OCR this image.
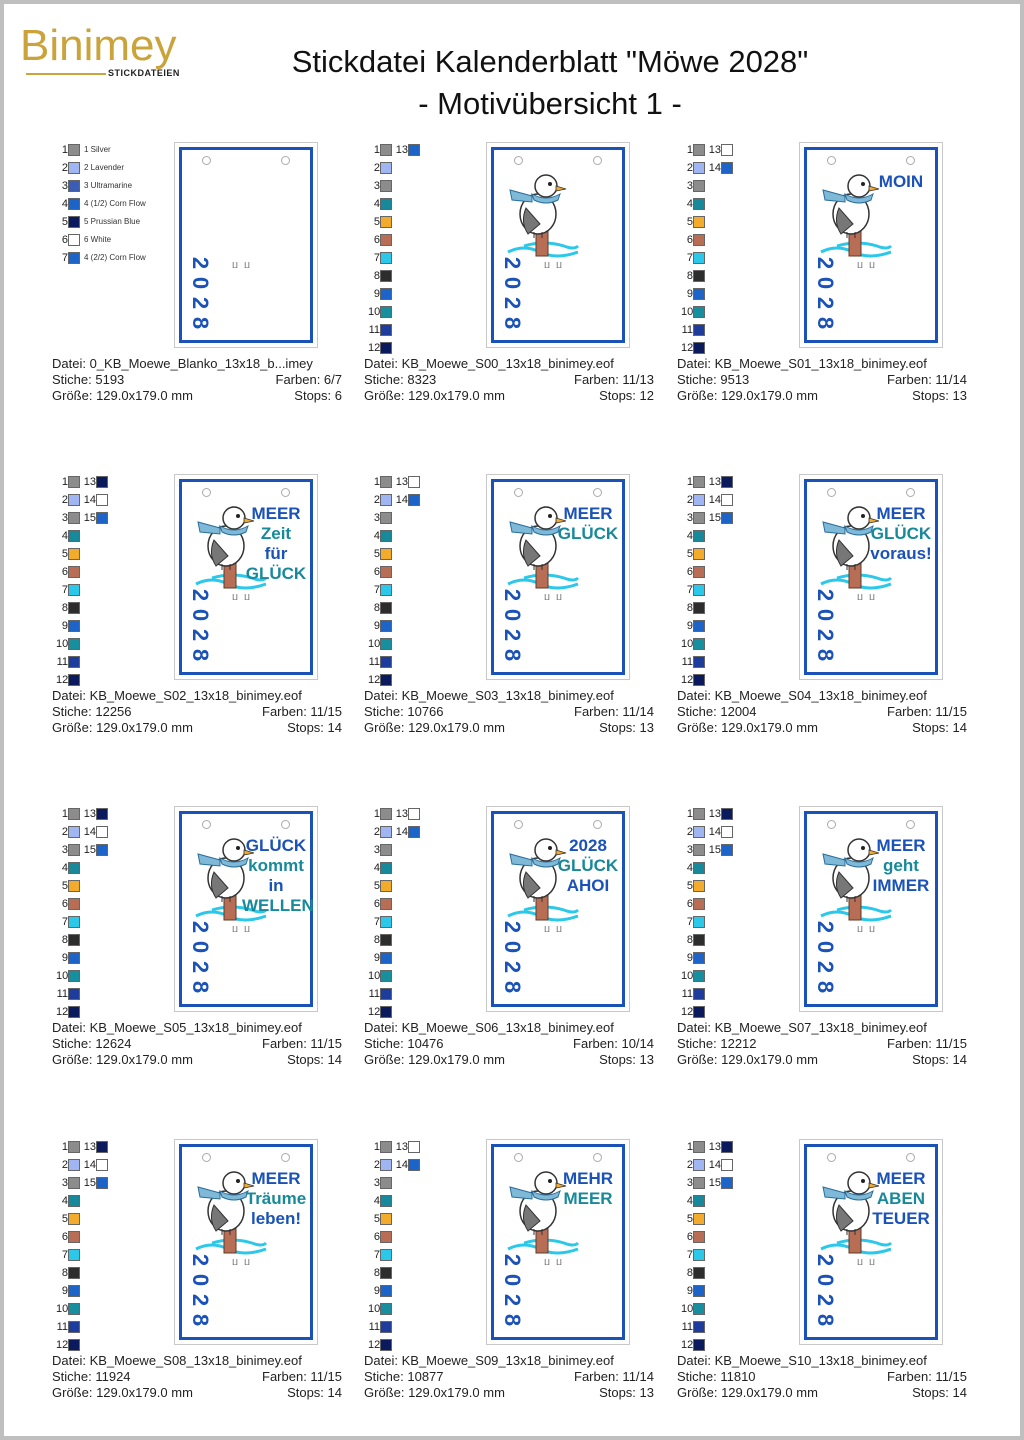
Binimey
STICKDATEIEN	Stickdatei Kalenderblatt "Möwe 2028"
- Motivübersicht 1 -
1 1 Silver
2 2 Lavender
3 3 Ultramarine
4 4 (1/2) Corn Flow
5 5 Prussian Blue
6 6 White
7 4 (2/2) Corn Flow 2
0
2
8
ⵡⵡ
Datei: 0_KB_Moewe_Blanko_13x18_b...imey
Stiche: 5193	Farben: 6/7
Größe: 129.0x179.0 mm	Stops: 6
1 13
2
3
4
5
6
7
8
9
10
11
12
2
0
2
8
ⵡⵡ
Datei: KB_Moewe_S00_13x18_binimey.eof
Stiche: 8323	Farben: 11/13
Größe: 129.0x179.0 mm	Stops: 12
1 13
2 14
3
4
5
6
7
8
9
10
11
12
2
0
2
8
ⵡⵡ
MOIN
Datei: KB_Moewe_S01_13x18_binimey.eof
Stiche: 9513	Farben: 11/14
Größe: 129.0x179.0 mm	Stops: 13
1 13
2 14
3 15
4
5
6
7
8
9
10
11
12
2
0
2
8
ⵡⵡ
MEER
Zeit
für
GLÜCK
Datei: KB_Moewe_S02_13x18_binimey.eof
Stiche: 12256	Farben: 11/15
Größe: 129.0x179.0 mm	Stops: 14
1 13
2 14
3
4
5
6
7
8
9
10
11
12
2
0
2
8
ⵡⵡ
MEER
GLÜCK
Datei: KB_Moewe_S03_13x18_binimey.eof
Stiche: 10766	Farben: 11/14
Größe: 129.0x179.0 mm	Stops: 13
1 13
2 14
3 15
4
5
6
7
8
9
10
11
12
2
0
2
8
ⵡⵡ
MEER
GLÜCK
voraus!
Datei: KB_Moewe_S04_13x18_binimey.eof
Stiche: 12004	Farben: 11/15
Größe: 129.0x179.0 mm	Stops: 14
1 13
2 14
3 15
4
5
6
7
8
9
10
11
12
2
0
2
8
ⵡⵡ
GLÜCK
kommt
in
WELLEN
Datei: KB_Moewe_S05_13x18_binimey.eof
Stiche: 12624	Farben: 11/15
Größe: 129.0x179.0 mm	Stops: 14
1 13
2 14
3
4
5
6
7
8
9
10
11
12
2
0
2
8
ⵡⵡ
2028
GLÜCK
AHOI
Datei: KB_Moewe_S06_13x18_binimey.eof
Stiche: 10476	Farben: 10/14
Größe: 129.0x179.0 mm	Stops: 13
1 13
2 14
3 15
4
5
6
7
8
9
10
11
12
2
0
2
8
ⵡⵡ
MEER
geht
IMMER
Datei: KB_Moewe_S07_13x18_binimey.eof
Stiche: 12212	Farben: 11/15
Größe: 129.0x179.0 mm	Stops: 14
1 13
2 14
3 15
4
5
6
7
8
9
10
11
12
2
0
2
8
ⵡⵡ
MEER
Träume
leben!
Datei: KB_Moewe_S08_13x18_binimey.eof
Stiche: 11924	Farben: 11/15
Größe: 129.0x179.0 mm	Stops: 14
1 13
2 14
3
4
5
6
7
8
9
10
11
12
2
0
2
8
ⵡⵡ
MEHR
MEER
Datei: KB_Moewe_S09_13x18_binimey.eof
Stiche: 10877	Farben: 11/14
Größe: 129.0x179.0 mm	Stops: 13
1 13
2 14
3 15
4
5
6
7
8
9
10
11
12
2
0
2
8
ⵡⵡ
MEER
ABEN
TEUER
Datei: KB_Moewe_S10_13x18_binimey.eof
Stiche: 11810	Farben: 11/15
Größe: 129.0x179.0 mm	Stops: 14
